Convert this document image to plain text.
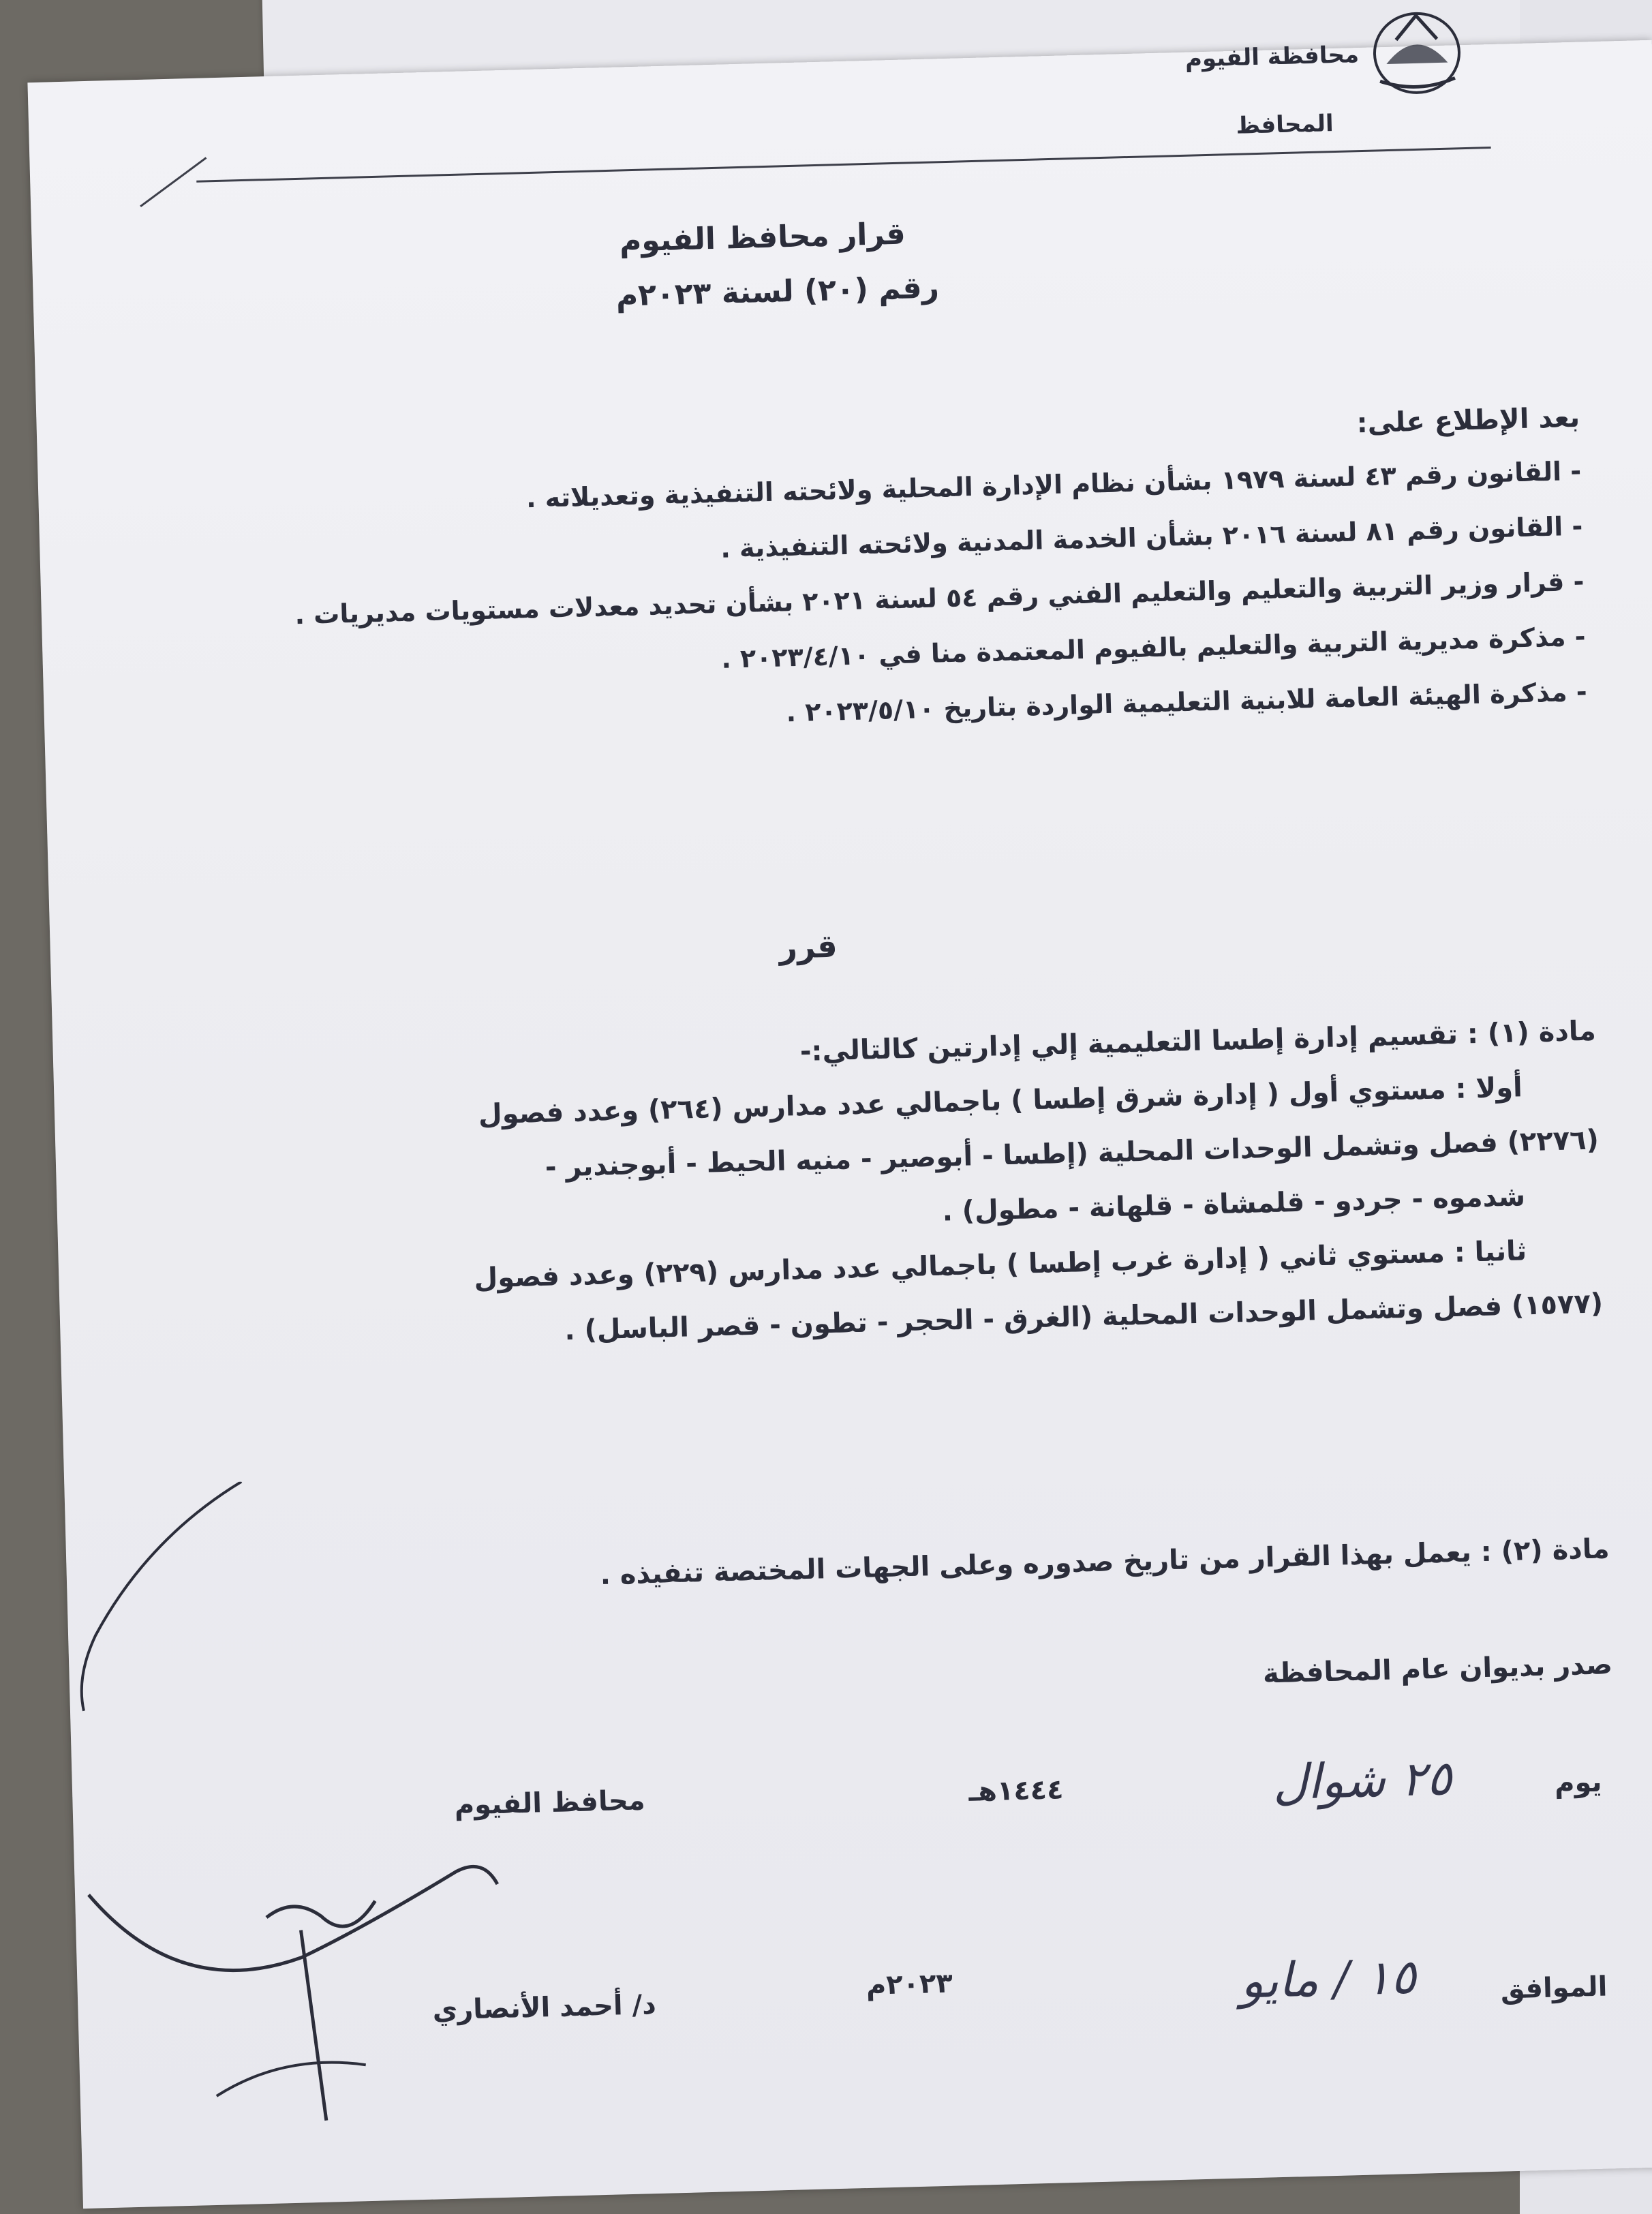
محافظة الفيوم
المحافظ
قرار محافظ الفيوم
رقم (٢٠) لسنة ٢٠٢٣م
بعد الإطلاع على:
- القانون رقم ٤٣ لسنة ١٩٧٩ بشأن نظام الإدارة المحلية ولائحته التنفيذية وتعديلاته .
- القانون رقم ٨١ لسنة ٢٠١٦ بشأن الخدمة المدنية ولائحته التنفيذية .
- قرار وزير التربية والتعليم والتعليم الفني رقم ٥٤ لسنة ٢٠٢١ بشأن تحديد معدلات مستويات مديريات .
- مذكرة مديرية التربية والتعليم بالفيوم المعتمدة منا في ٢٠٢٣/٤/١٠ .
- مذكرة الهيئة العامة للابنية التعليمية الواردة بتاريخ ٢٠٢٣/٥/١٠ .
قرر
مادة (١) : تقسيم إدارة إطسا التعليمية إلي إدارتين كالتالي:-
أولا : مستوي أول ( إدارة شرق إطسا ) باجمالي عدد مدارس (٢٦٤) وعدد فصول
(٢٢٧٦) فصل وتشمل الوحدات المحلية (إطسا - أبوصير - منيه الحيط - أبوجندير -
شدموه - جردو - قلمشاة - قلهانة - مطول) .
ثانيا : مستوي ثاني ( إدارة غرب إطسا ) باجمالي عدد مدارس (٢٢٩) وعدد فصول
(١٥٧٧) فصل وتشمل الوحدات المحلية (الغرق - الحجر - تطون - قصر الباسل) .
مادة (٢) : يعمل بهذا القرار من تاريخ صدوره وعلى الجهات المختصة تنفيذه .
صدر بديوان عام المحافظة
يوم
٢٥ شوال
١٤٤٤هـ
الموافق
١٥ / مايو
٢٠٢٣م
محافظ الفيوم
د/ أحمد الأنصاري
